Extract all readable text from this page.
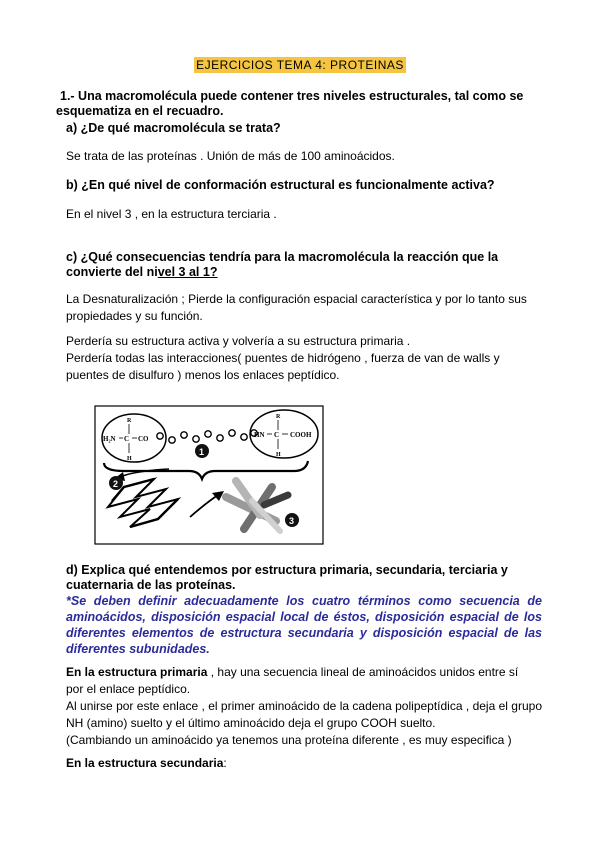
EJERCICIOS TEMA 4: PROTEINAS
1.- Una macromolécula puede contener tres niveles estructurales, tal como se
esquematiza en el recuadro.
a) ¿De qué macromolécula se trata?
Se trata de las proteínas . Unión de más de 100 aminoácidos.
b) ¿En qué nivel de conformación estructural es funcionalmente activa?
En el nivel 3 , en la estructura terciaria .
c) ¿Qué consecuencias tendría para la macromolécula la reacción que la
convierte del nivel 3 al 1?
La Desnaturalización ; Pierde la configuración espacial característica y por lo tanto sus
propiedades y su función.
Perdería su estructura activa y volvería a su estructura primaria .
Perdería todas las interacciones( puentes de hidrógeno , fuerza de van de walls y
puentes de disulfuro ) menos los enlaces peptídico.
H₂N C
R
H
CO	HN C COOH
R
H
1
2
3
d) Explica qué entendemos por estructura primaria, secundaria, terciaria y
cuaternaria de las proteínas.
*Se deben definir adecuadamente los cuatro términos como secuencia de aminoácidos, disposición espacial local de éstos, disposición espacial de los diferentes elementos de estructura secundaria y disposición espacial de las diferentes subunidades.
En la estructura primaria , hay una secuencia lineal de aminoácidos unidos entre sí
por el enlace peptídico.
Al unirse por este enlace , el primer aminoácido de la cadena polipeptídica , deja el grupo NH (amino) suelto y el último aminoácido deja el grupo COOH suelto.
(Cambiando un aminoácido ya tenemos una proteína diferente , es muy especifica )
En la estructura secundaria:
